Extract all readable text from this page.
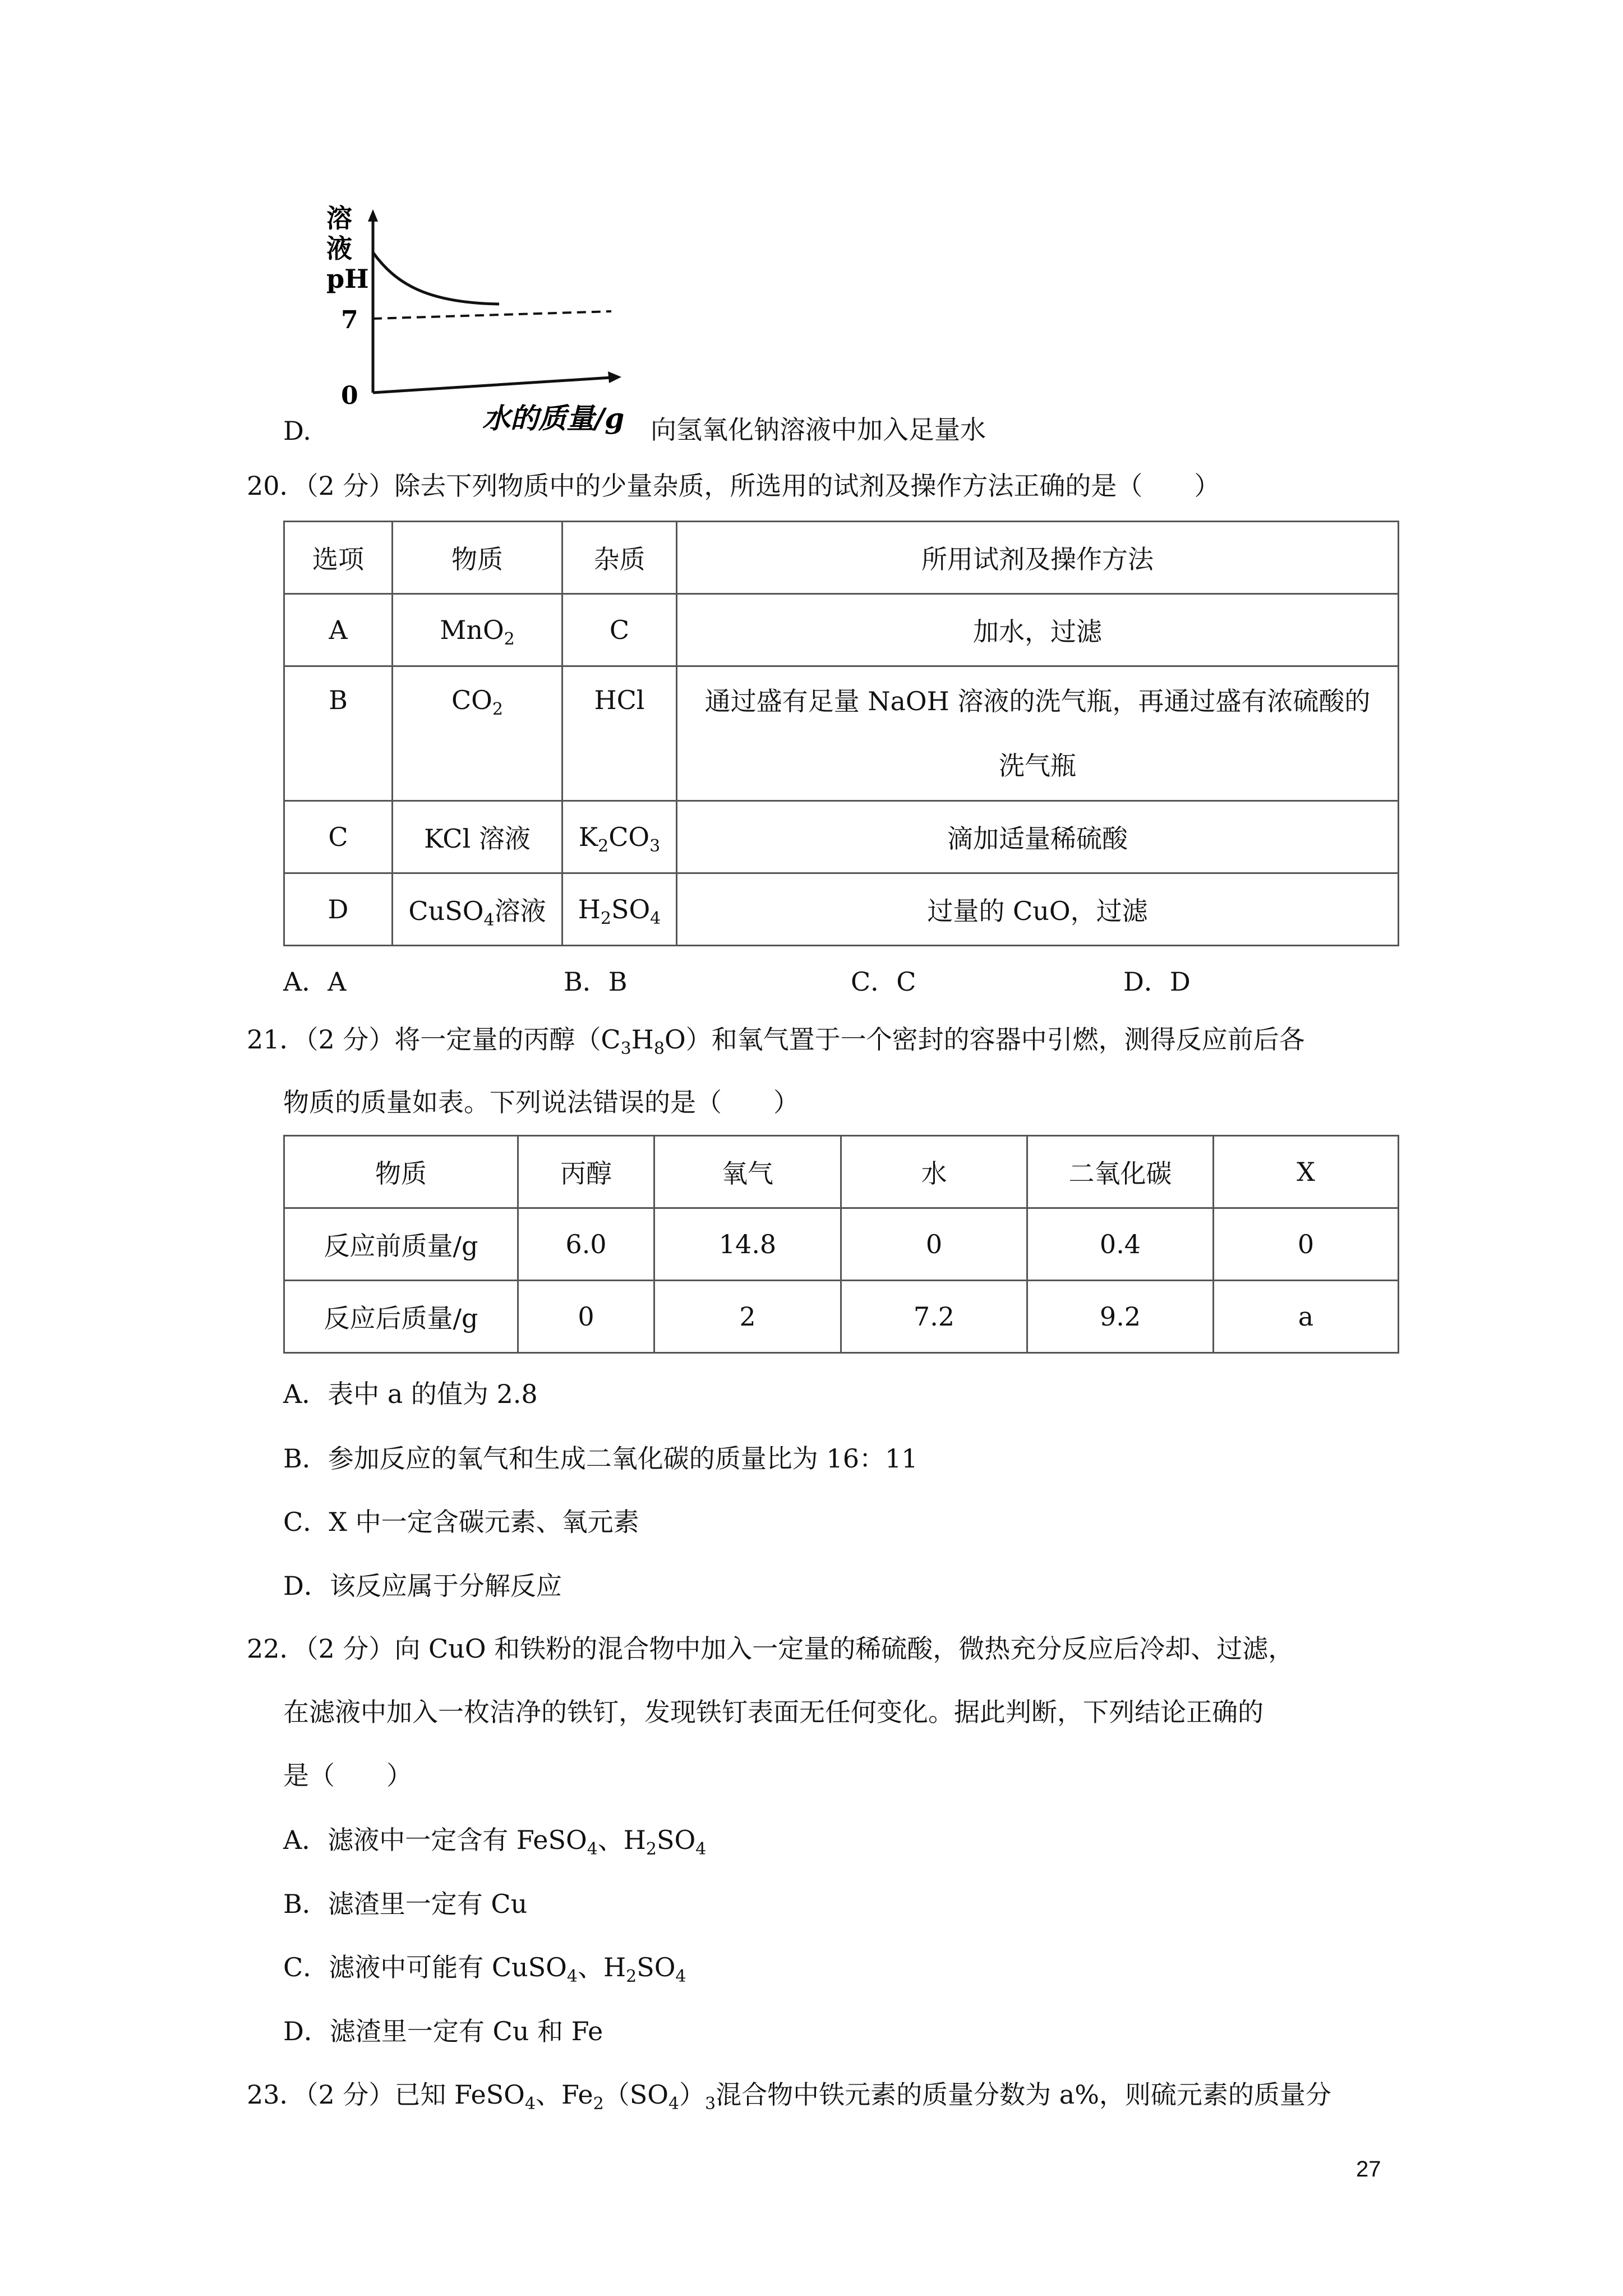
溶
液
pH
7
0
水的质量/g
D.	向氢氧化钠溶液中加入足量水
20．（2 分）除去下列物质中的少量杂质，所选用的试剂及操作方法正确的是（　　）
选项	物质	杂质	所用试剂及操作方法
A	MnO$_2$	C	加水，过滤
B	$CO_2$	HCl	通过盛有足量 NaOH 溶液的洗气瓶，再通过盛有浓硫酸的
洗气瓶

C	KCl 溶液	$K_2CO_3$	滴加适量稀硫酸
D	CuSO$_4$溶液	$H_2SO_4$	过量的 CuO，过滤
A．A	B．B	C．C	D．D
21．（2 分）将一定量的丙醇$(C_3H_8O)$和氧气置于一个密封的容器中引燃，测得反应前后各
物质的质量如表。下列说法错误的是（　　）
物质	丙醇	氧气	水	二氧化碳	X
反应前质量/g	6.0	14.8	0	0.4	0
反应后质量/g	0	2	7.2	9.2	a
A．表中 a 的值为 2.8
B．参加反应的氧气和生成二氧化碳的质量比为 16：11
C．X 中一定含碳元素、氧元素
D．该反应属于分解反应
22．（2 分）向 CuO 和铁粉的混合物中加入一定量的稀硫酸，微热充分反应后冷却、过滤，
在滤液中加入一枚洁净的铁钉，发现铁钉表面无任何变化。据此判断，下列结论正确的
是（　　）
A．滤液中一定含有 FeSO$_4$、$H_2SO_4$
B．滤渣里一定有 Cu
C．滤液中可能有 CuSO$_4$、$H_2SO_4$
D．滤渣里一定有 Cu 和 Fe
23．（2 分）已知 FeSO$_4$、$Fe_2(SO_4)_3$混合物中铁元素的质量分数为 a%，则硫元素的质量分
27
